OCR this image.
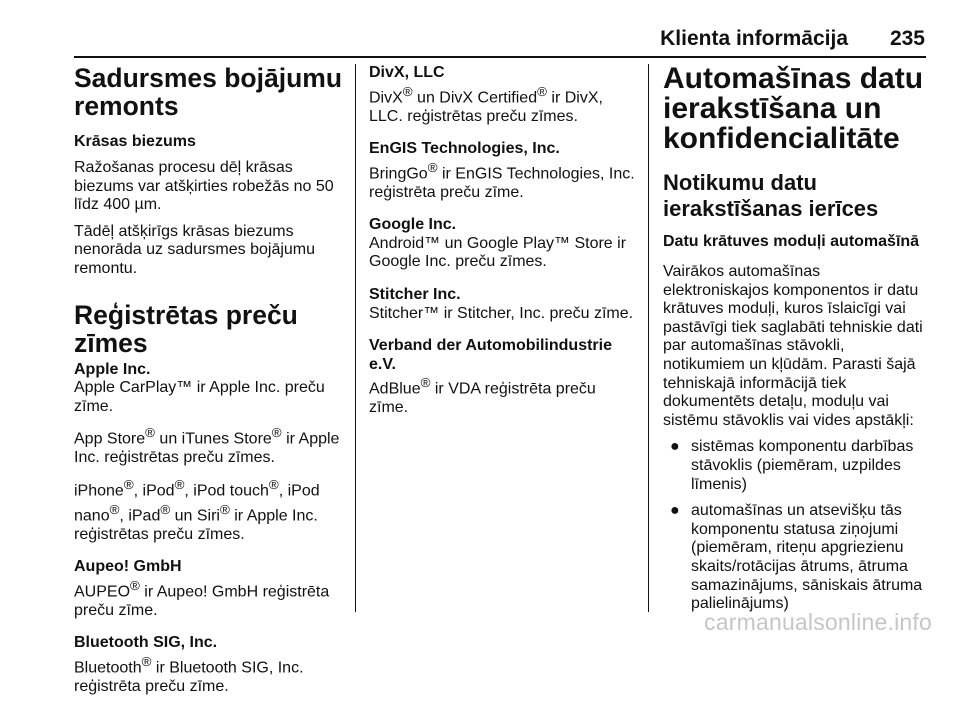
Klienta informācija 235
Sadursmes bojājumu remonts
Krāsas biezums

Ražošanas procesu dēļ krāsas biezums var atšķirties robežās no 50 līdz 400 µm.

Tādēļ atšķirīgs krāsas biezums nenorāda uz sadursmes bojājumu remontu.

Reģistrētas preču zīmes
Apple Inc.
Apple CarPlay™ ir Apple Inc. preču zīme.

App Store® un iTunes Store® ir Apple Inc. reģistrētas preču zīmes.

iPhone®, iPod®, iPod touch®, iPod nano®, iPad® un Siri® ir Apple Inc. reģistrētas preču zīmes.

Aupeo! GmbH
AUPEO® ir Aupeo! GmbH reģistrēta preču zīme.
Bluetooth SIG, Inc.
Bluetooth® ir Bluetooth SIG, Inc. reģistrēta preču zīme.
DivX, LLC
DivX® un DivX Certified® ir DivX, LLC. reģistrētas preču zīmes.
EnGIS Technologies, Inc.
BringGo® ir EnGIS Technologies, Inc. reģistrēta preču zīme.
Google Inc.
Android™ un Google Play™ Store ir Google Inc. preču zīmes.
Stitcher Inc.
Stitcher™ ir Stitcher, Inc. preču zīme.
Verband der Automobilindustrie e.V.
AdBlue® ir VDA reģistrēta preču zīme.
Automašīnas datu ierakstīšana un konfidencialitāte
Notikumu datu ierakstīšanas ierīces
Datu krātuves moduļi automašīnā

Vairākos automašīnas elektroniskajos komponentos ir datu krātuves moduļi, kuros īslaicīgi vai pastāvīgi tiek saglabāti tehniskie dati par automašīnas stāvokli, notikumiem un kļūdām. Parasti šajā tehniskajā informācijā tiek dokumentēts detaļu, moduļu vai sistēmu stāvoklis vai vides apstākļi:

● sistēmas komponentu darbības stāvoklis (piemēram, uzpildes līmenis)
● automašīnas un atsevišķu tās komponentu statusa ziņojumi (piemēram, riteņu apgriezienu skaits/rotācijas ātrums, ātruma samazinājums, sāniskais ātruma palielinājums)
carmanualsonline.info
